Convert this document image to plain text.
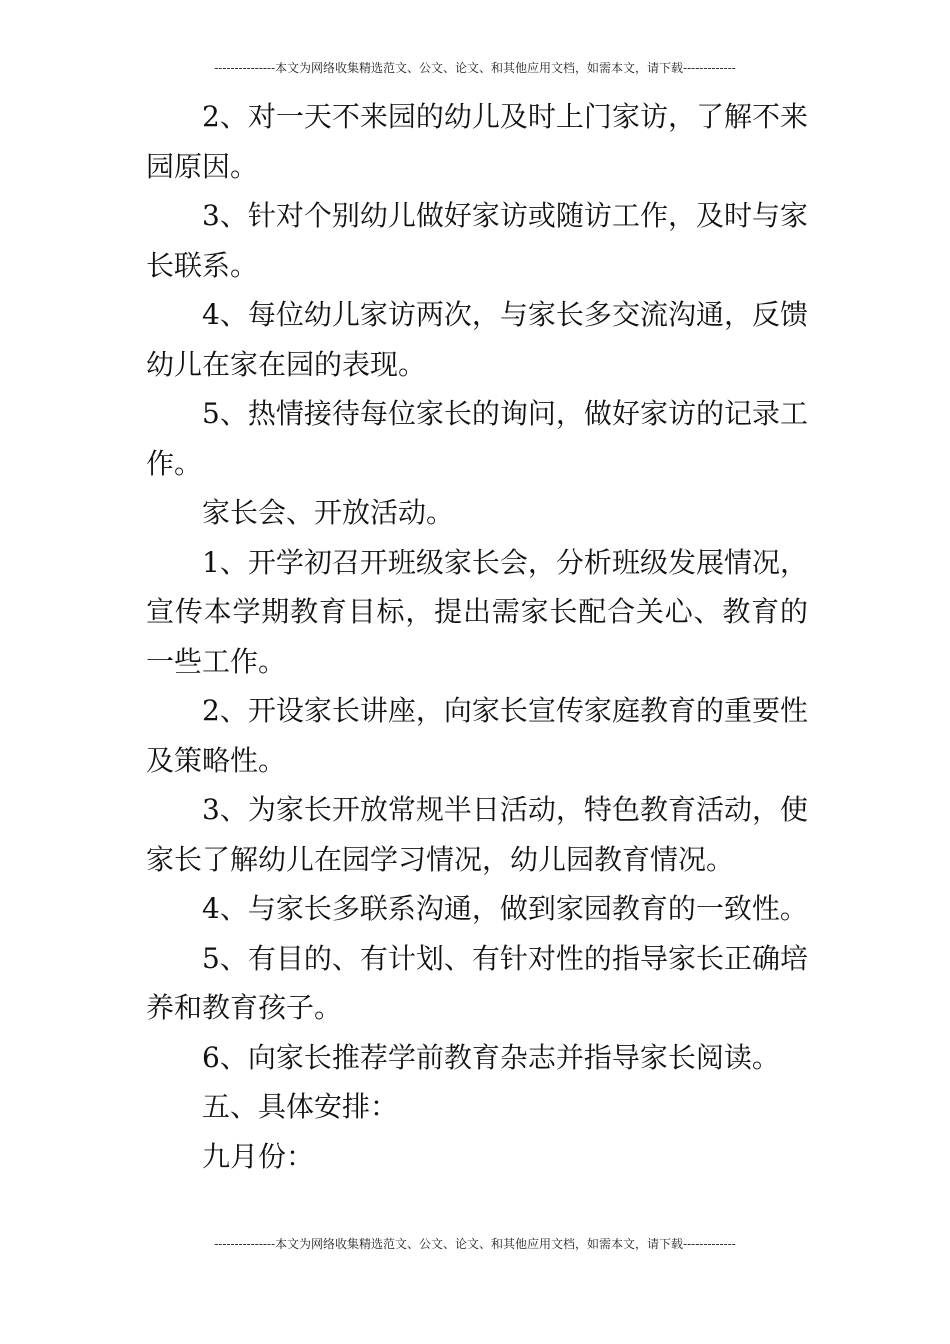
---------------本文为网络收集精选范文、公文、论文、和其他应用文档，如需本文，请下载-------------

2、对一天不来园的幼儿及时上门家访，了解不来园原因。

3、针对个别幼儿做好家访或随访工作，及时与家长联系。

4、每位幼儿家访两次，与家长多交流沟通，反馈幼儿在家在园的表现。

5、热情接待每位家长的询问，做好家访的记录工作。

家长会、开放活动。

1、开学初召开班级家长会，分析班级发展情况，宣传本学期教育目标，提出需家长配合关心、教育的一些工作。

2、开设家长讲座，向家长宣传家庭教育的重要性及策略性。

3、为家长开放常规半日活动，特色教育活动，使家长了解幼儿在园学习情况，幼儿园教育情况。

4、与家长多联系沟通，做到家园教育的一致性。

5、有目的、有计划、有针对性的指导家长正确培养和教育孩子。

6、向家长推荐学前教育杂志并指导家长阅读。

五、具体安排：

九月份：

---------------本文为网络收集精选范文、公文、论文、和其他应用文档，如需本文，请下载-------------
